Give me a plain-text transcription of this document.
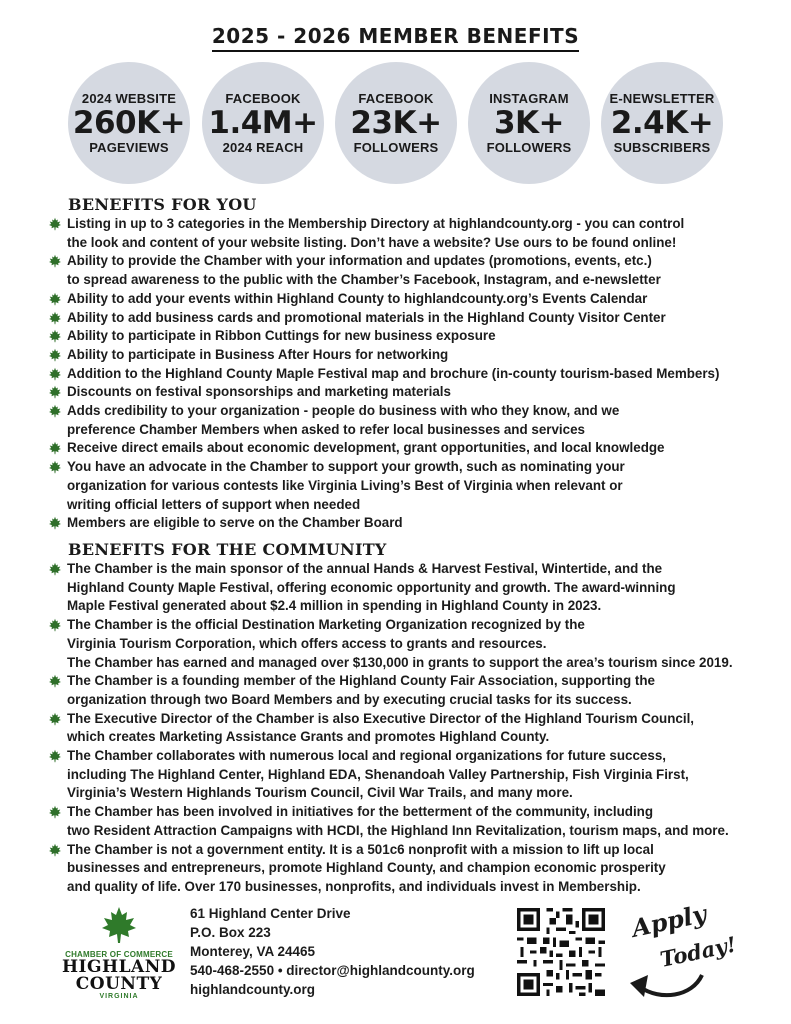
2025 - 2026 MEMBER BENEFITS
2024 WEBSITE
260K+
PAGEVIEWS
FACEBOOK
1.4M+
2024 REACH
FACEBOOK
23K+
FOLLOWERS
INSTAGRAM
3K+
FOLLOWERS
E-NEWSLETTER
2.4K+
SUBSCRIBERS
BENEFITS FOR YOU
Listing in up to 3 categories in the Membership Directory at highlandcounty.org - you can control
the look and content of your website listing. Don’t have a website? Use ours to be found online!
Ability to provide the Chamber with your information and updates (promotions, events, etc.)
to spread awareness to the public with the Chamber’s Facebook, Instagram, and e-newsletter
Ability to add your events within Highland County to highlandcounty.org’s Events Calendar
Ability to add business cards and promotional materials in the Highland County Visitor Center
Ability to participate in Ribbon Cuttings for new business exposure
Ability to participate in Business After Hours for networking
Addition to the Highland County Maple Festival map and brochure (in-county tourism-based Members)
Discounts on festival sponsorships and marketing materials
Adds credibility to your organization - people do business with who they know, and we
preference Chamber Members when asked to refer local businesses and services
Receive direct emails about economic development, grant opportunities, and local knowledge
You have an advocate in the Chamber to support your growth, such as nominating your
organization for various contests like Virginia Living’s Best of Virginia when relevant or
writing official letters of support when needed
Members are eligible to serve on the Chamber Board
BENEFITS FOR THE COMMUNITY
The Chamber is the main sponsor of the annual Hands & Harvest Festival, Wintertide, and the
Highland County Maple Festival, offering economic opportunity and growth. The award-winning
Maple Festival generated about $2.4 million in spending in Highland County in 2023.
The Chamber is the official Destination Marketing Organization recognized by the
Virginia Tourism Corporation, which offers access to grants and resources.
The Chamber has earned and managed over $130,000 in grants to support the area’s tourism since 2019.
The Chamber is a founding member of the Highland County Fair Association, supporting the
organization through two Board Members and by executing crucial tasks for its success.
The Executive Director of the Chamber is also Executive Director of the Highland Tourism Council,
which creates Marketing Assistance Grants and promotes Highland County.
The Chamber collaborates with numerous local and regional organizations for future success,
including The Highland Center, Highland EDA, Shenandoah Valley Partnership, Fish Virginia First,
Virginia’s Western Highlands Tourism Council, Civil War Trails, and many more.
The Chamber has been involved in initiatives for the betterment of the community, including
two Resident Attraction Campaigns with HCDI, the Highland Inn Revitalization, tourism maps, and more.
The Chamber is not a government entity. It is a 501c6 nonprofit with a mission to lift up local
businesses and entrepreneurs, promote Highland County, and champion economic prosperity
and quality of life. Over 170 businesses, nonprofits, and individuals invest in Membership.
CHAMBER OF COMMERCE
HIGHLAND
COUNTY
VIRGINIA
61 Highland Center Drive
P.O. Box 223
Monterey, VA 24465
540-468-2550 • director@highlandcounty.org
highlandcounty.org
Apply
Today!
